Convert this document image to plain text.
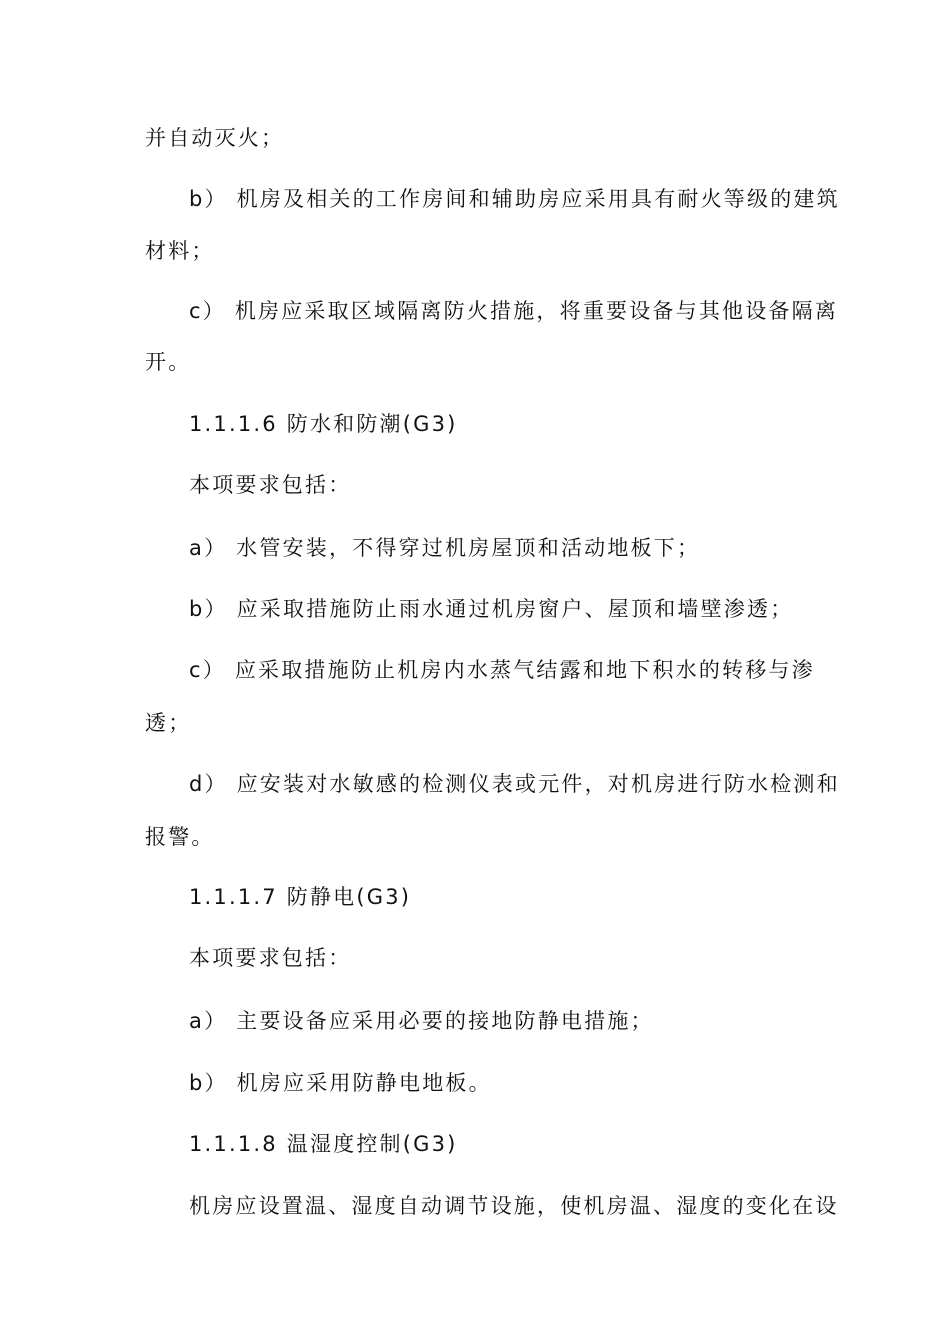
并自动灭火；
b） 机房及相关的工作房间和辅助房应采用具有耐火等级的建筑
材料；
c） 机房应采取区域隔离防火措施，将重要设备与其他设备隔离
开。
1.1.1.6 防水和防潮(G3)
本项要求包括：
a） 水管安装，不得穿过机房屋顶和活动地板下；
b） 应采取措施防止雨水通过机房窗户、屋顶和墙壁渗透；
c） 应采取措施防止机房内水蒸气结露和地下积水的转移与渗
透；
d） 应安装对水敏感的检测仪表或元件，对机房进行防水检测和
报警。
1.1.1.7 防静电(G3)
本项要求包括：
a） 主要设备应采用必要的接地防静电措施；
b） 机房应采用防静电地板。
1.1.1.8 温湿度控制(G3)
机房应设置温、湿度自动调节设施，使机房温、湿度的变化在设
